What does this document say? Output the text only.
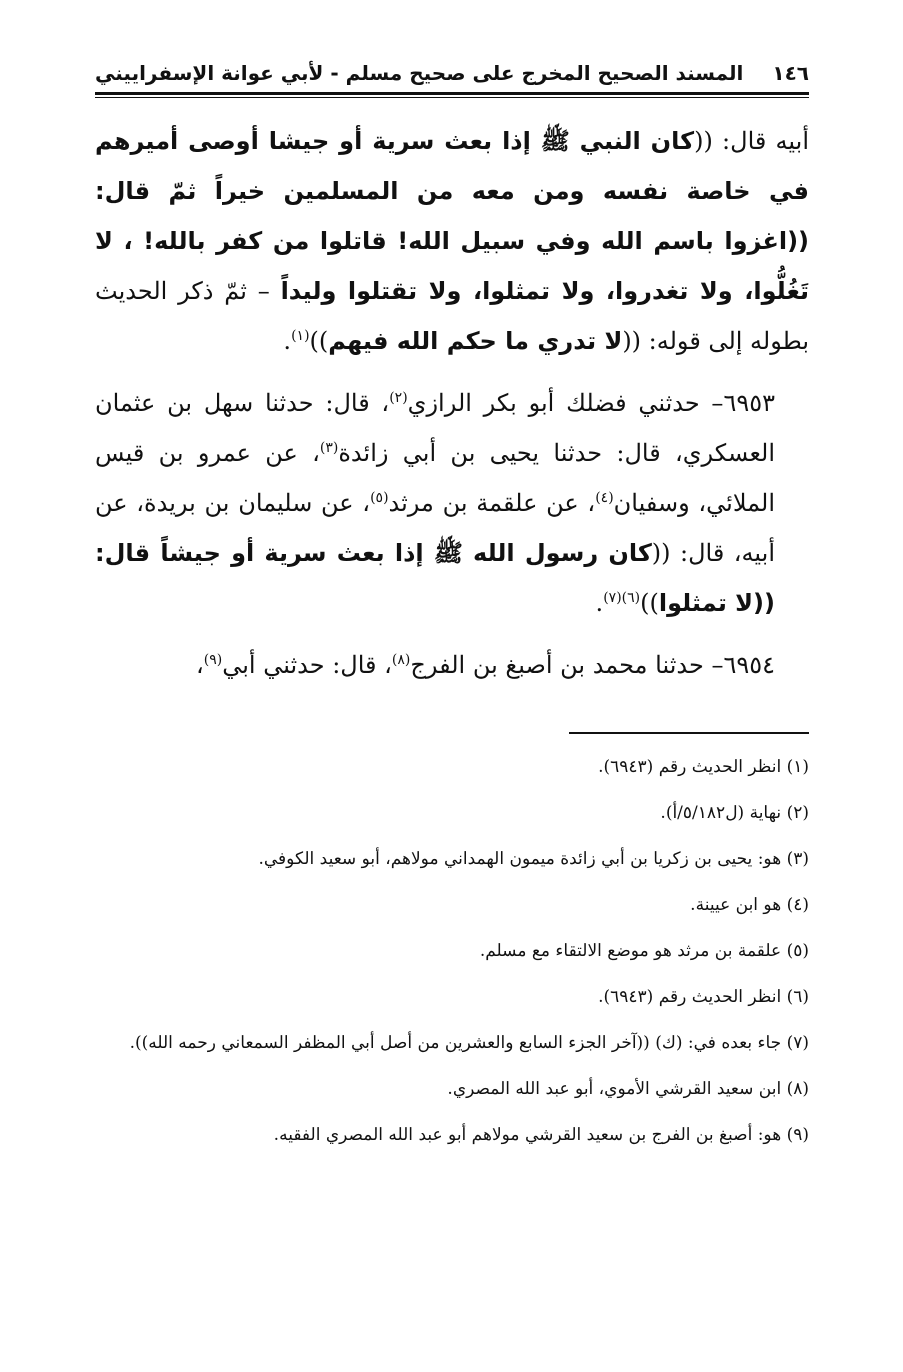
١٤٦
المسند الصحيح المخرج على صحيح مسلم - لأبي عوانة الإسفراييني

أبيه قال: ((كان النبي ﷺ إذا بعث سرية أو جيشا أوصى أميرهم في خاصة نفسه ومن معه من المسلمين خيراً ثمّ قال: ((اغزوا باسم الله وفي سبيل الله! قاتلوا من كفر بالله! ، لا تَغُلُّوا، ولا تغدروا، ولا تمثلوا، ولا تقتلوا وليداً – ثمّ ذكر الحديث بطوله إلى قوله: ((لا تدري ما حكم الله فيهم))$^{(١)}$.

٦٩٥٣– حدثني فضلك أبو بكر الرازي$^{(٢)}$، قال: حدثنا سهل بن عثمان العسكري، قال: حدثنا يحيى بن أبي زائدة$^{(٣)}$، عن عمرو بن قيس الملائي، وسفيان$^{(٤)}$، عن علقمة بن مرثد$^{(٥)}$، عن سليمان بن بريدة، عن أبيه، قال: ((كان رسول الله ﷺ إذا بعث سرية أو جيشاً قال: ((لا تمثلوا))$^{(٦)(٧)}$.

٦٩٥٤– حدثنا محمد بن أصبغ بن الفرج$^{(٨)}$، قال: حدثني أبي$^{(٩)}$،

(١) انظر الحديث رقم (٦٩٤٣).
(٢) نهاية (ل٥/١٨٢/أ).
(٣) هو: يحيى بن زكريا بن أبي زائدة ميمون الهمداني مولاهم، أبو سعيد الكوفي.
(٤) هو ابن عيينة.
(٥) علقمة بن مرثد هو موضع الالتقاء مع مسلم.
(٦) انظر الحديث رقم (٦٩٤٣).
(٧) جاء بعده في: (ك) ((آخر الجزء السابع والعشرين من أصل أبي المظفر السمعاني رحمه الله)).
(٨) ابن سعيد القرشي الأموي، أبو عبد الله المصري.
(٩) هو: أصبغ بن الفرج بن سعيد القرشي مولاهم أبو عبد الله المصري الفقيه.
